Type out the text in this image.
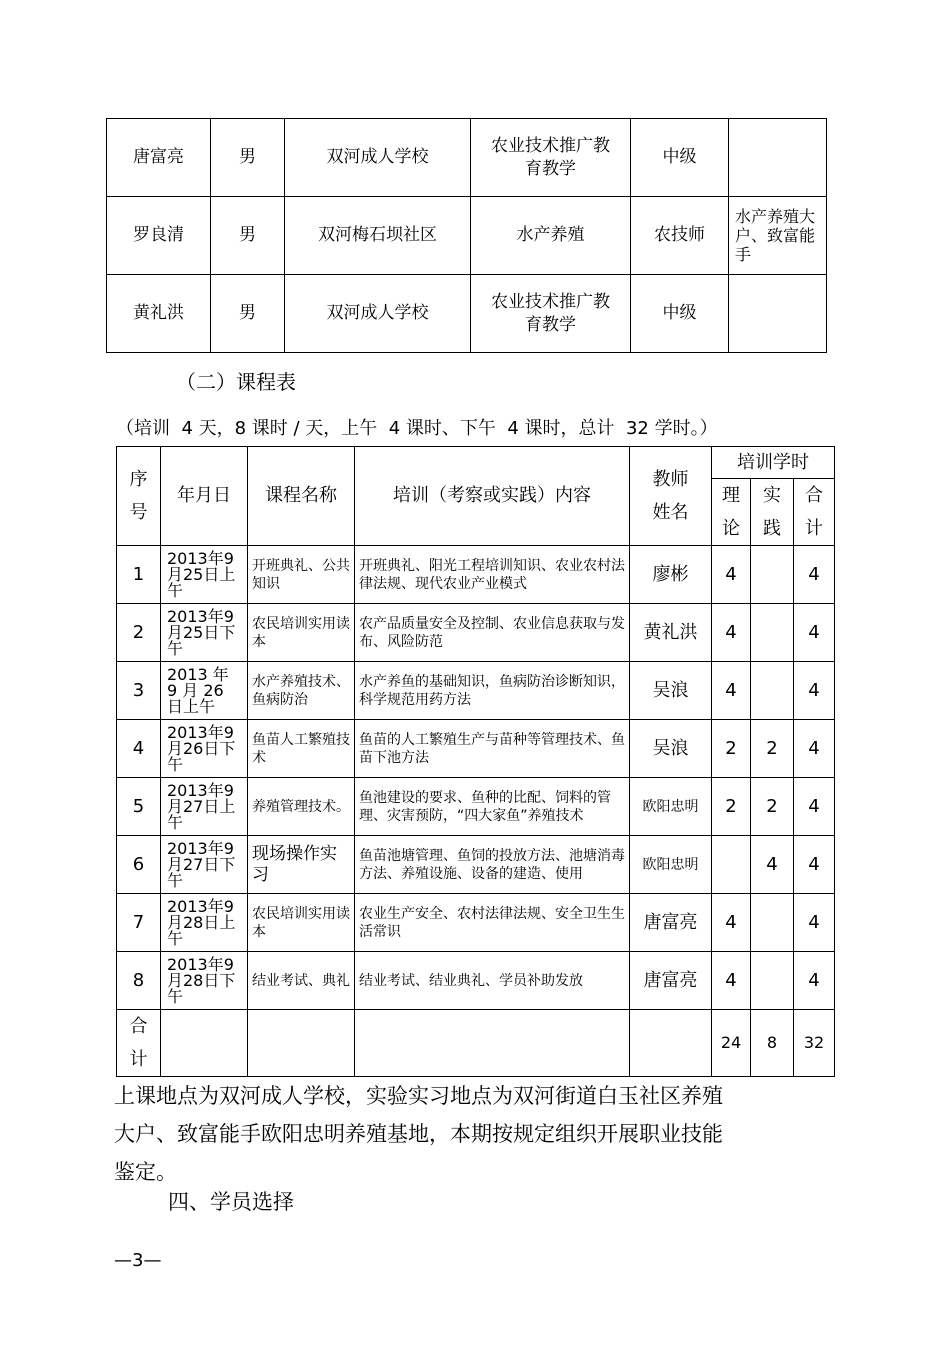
唐富亮	男	双河成人学校	农业技术推广教育教学	中级	
罗良清	男	双河梅石坝社区	水产养殖	农技师	水产养殖大户、致富能手
黄礼洪	男	双河成人学校	农业技术推广教育教学	中级	
（二）课程表
（培训  4 天，8 课时 / 天，上午  4 课时、下午  4 课时，总计  32 学时。）
序号	年月日	课程名称	培训（考察或实践）内容	教师姓名	培训学时		
					理论	实践	合计
1	2013年9月25日上午	开班典礼、公共知识	开班典礼、阳光工程培训知识、农业农村法律法规、现代农业产业模式	廖彬	4		4
2	2013年9月25日下午	农民培训实用读本	农产品质量安全及控制、农业信息获取与发布、风险防范	黄礼洪	4		4
3	2013 年 9 月 26 日上午	水产养殖技术、鱼病防治	水产养鱼的基础知识，鱼病防治诊断知识，科学规范用药方法	吴浪	4		4
4	2013年9月26日下午	鱼苗人工繁殖技术	鱼苗的人工繁殖生产与苗种等管理技术、鱼苗下池方法	吴浪	2	2	4
5	2013年9月27日上午	养殖管理技术。	鱼池建设的要求、鱼种的比配、饲料的管理、灾害预防，“四大家鱼”养殖技术	欧阳忠明	2	2	4
6	2013年9月27日下午	现场操作实习	鱼苗池塘管理、鱼饲的投放方法、池塘消毒方法、养殖设施、设备的建造、使用	欧阳忠明		4	4
7	2013年9月28日上午	农民培训实用读本	农业生产安全、农村法律法规、安全卫生生活常识	唐富亮	4		4
8	2013年9月28日下午	结业考试、典礼	结业考试、结业典礼、学员补助发放	唐富亮	4		4
合计					24	8	32
上课地点为双河成人学校，实验实习地点为双河街道白玉社区养殖大户、致富能手欧阳忠明养殖基地，本期按规定组织开展职业技能鉴定。
四、学员选择
—3—
